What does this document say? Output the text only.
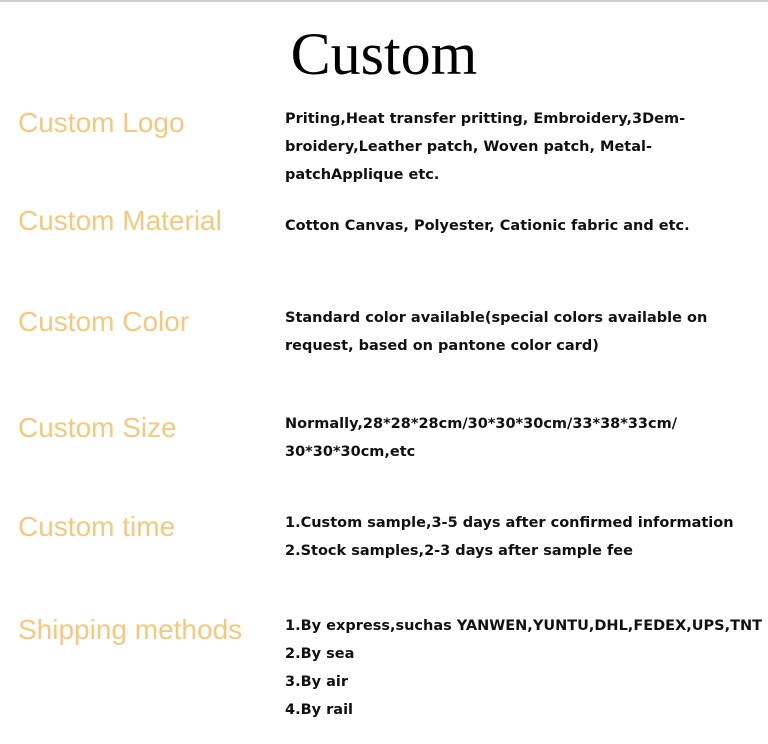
Custom
Custom Logo	Priting,Heat transfer pritting, Embroidery,3Dem-
broidery,Leather patch, Woven patch, Metal-
patchApplique etc.
Custom Material	Cotton Canvas, Polyester, Cationic fabric and etc.
Custom Color	Standard color available(special colors available on
request, based on pantone color card)
Custom Size	Normally,28*28*28cm/30*30*30cm/33*38*33cm/
30*30*30cm,etc
Custom time	1.Custom sample,3-5 days after confirmed information
2.Stock samples,2-3 days after sample fee
Shipping methods	1.By express,suchas YANWEN,YUNTU,DHL,FEDEX,UPS,TNT
2.By sea
3.By air
4.By rail
